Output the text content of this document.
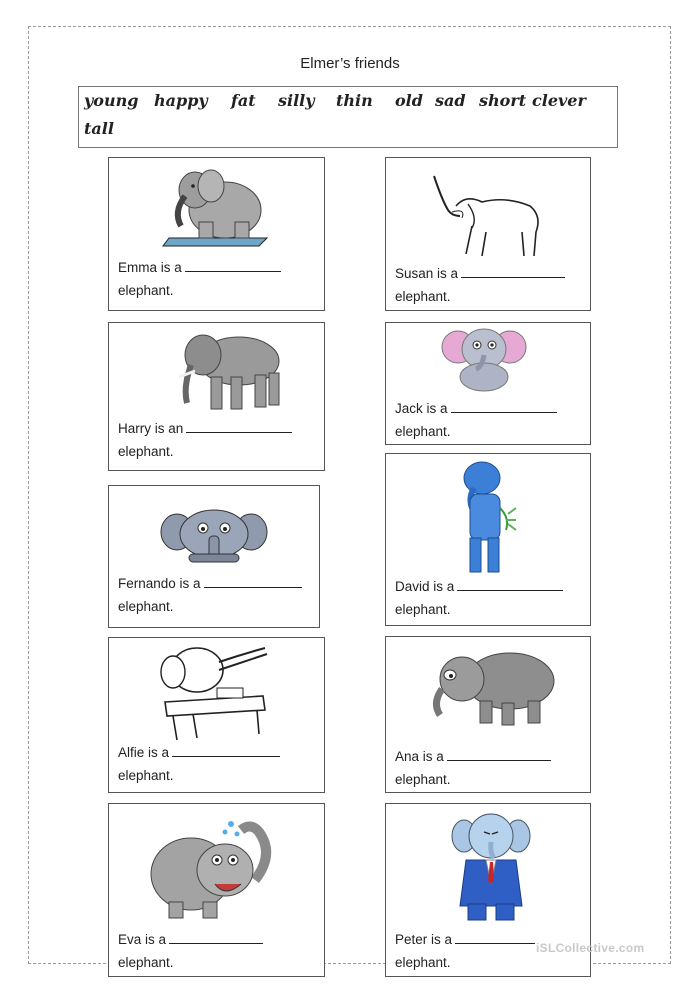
Elmer’s friends
young happy fat silly thin old sad short clever
tall
Emma is a
elephant.
Susan is a
elephant.
Harry is an
elephant.
Jack is a
elephant.
Fernando is a
elephant.
David is a
elephant.
Alfie is a
elephant.
Ana is a
elephant.
Eva is a
elephant.
Peter is a
elephant.
iSLCollective.com
